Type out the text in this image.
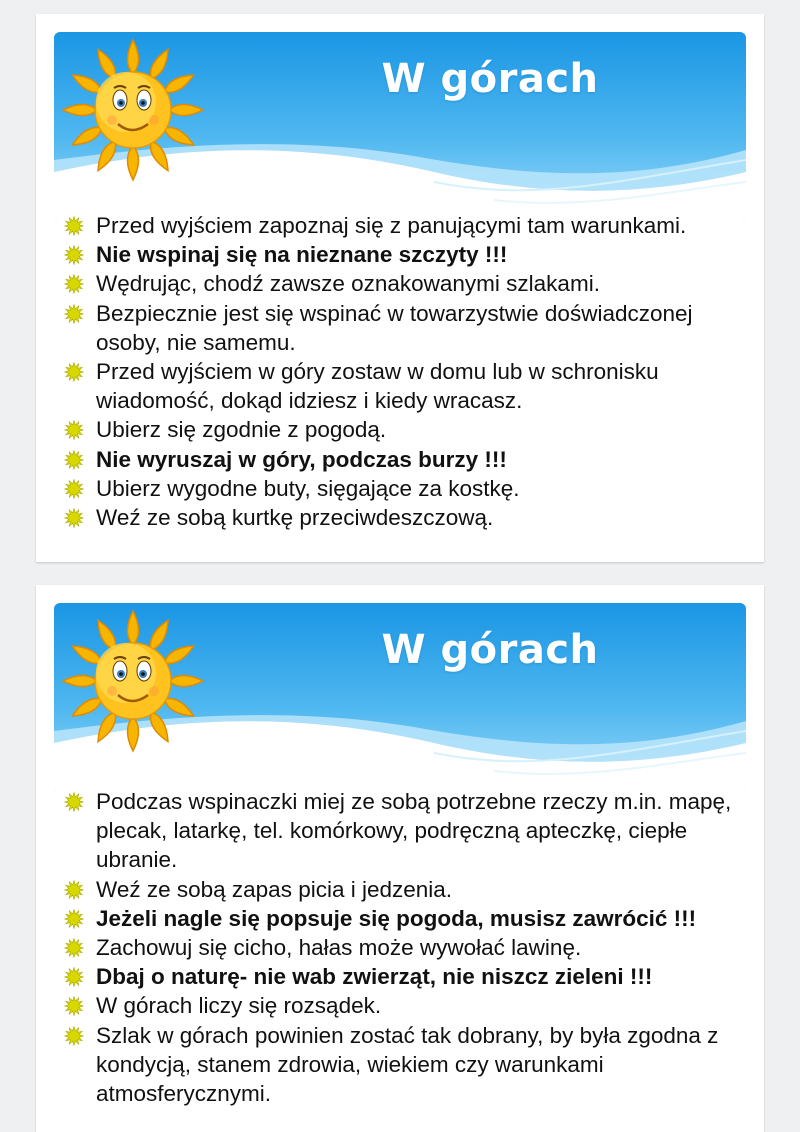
W górach
Przed wyjściem zapoznaj się z panującymi tam warunkami.
Nie wspinaj się na nieznane szczyty !!!
Wędrując, chodź zawsze oznakowanymi szlakami.
Bezpiecznie jest się wspinać w towarzystwie doświadczonej osoby, nie samemu.
Przed wyjściem w góry zostaw w domu lub w schronisku wiadomość, dokąd idziesz i kiedy wracasz.
Ubierz się zgodnie z pogodą.
Nie wyruszaj w góry, podczas burzy !!!
Ubierz wygodne buty, sięgające za kostkę.
Weź ze sobą kurtkę przeciwdeszczową.
W górach
Podczas wspinaczki miej ze sobą potrzebne rzeczy m.in. mapę, plecak, latarkę, tel. komórkowy, podręczną apteczkę, ciepłe ubranie.
Weź ze sobą zapas picia i jedzenia.
Jeżeli nagle się popsuje się pogoda, musisz zawrócić !!!
Zachowuj się cicho, hałas może wywołać lawinę.
Dbaj o naturę- nie wab zwierząt, nie niszcz zieleni !!!
W górach liczy się rozsądek.
Szlak w górach powinien zostać tak dobrany, by była zgodna z kondycją, stanem zdrowia, wiekiem czy warunkami atmosferycznymi.
